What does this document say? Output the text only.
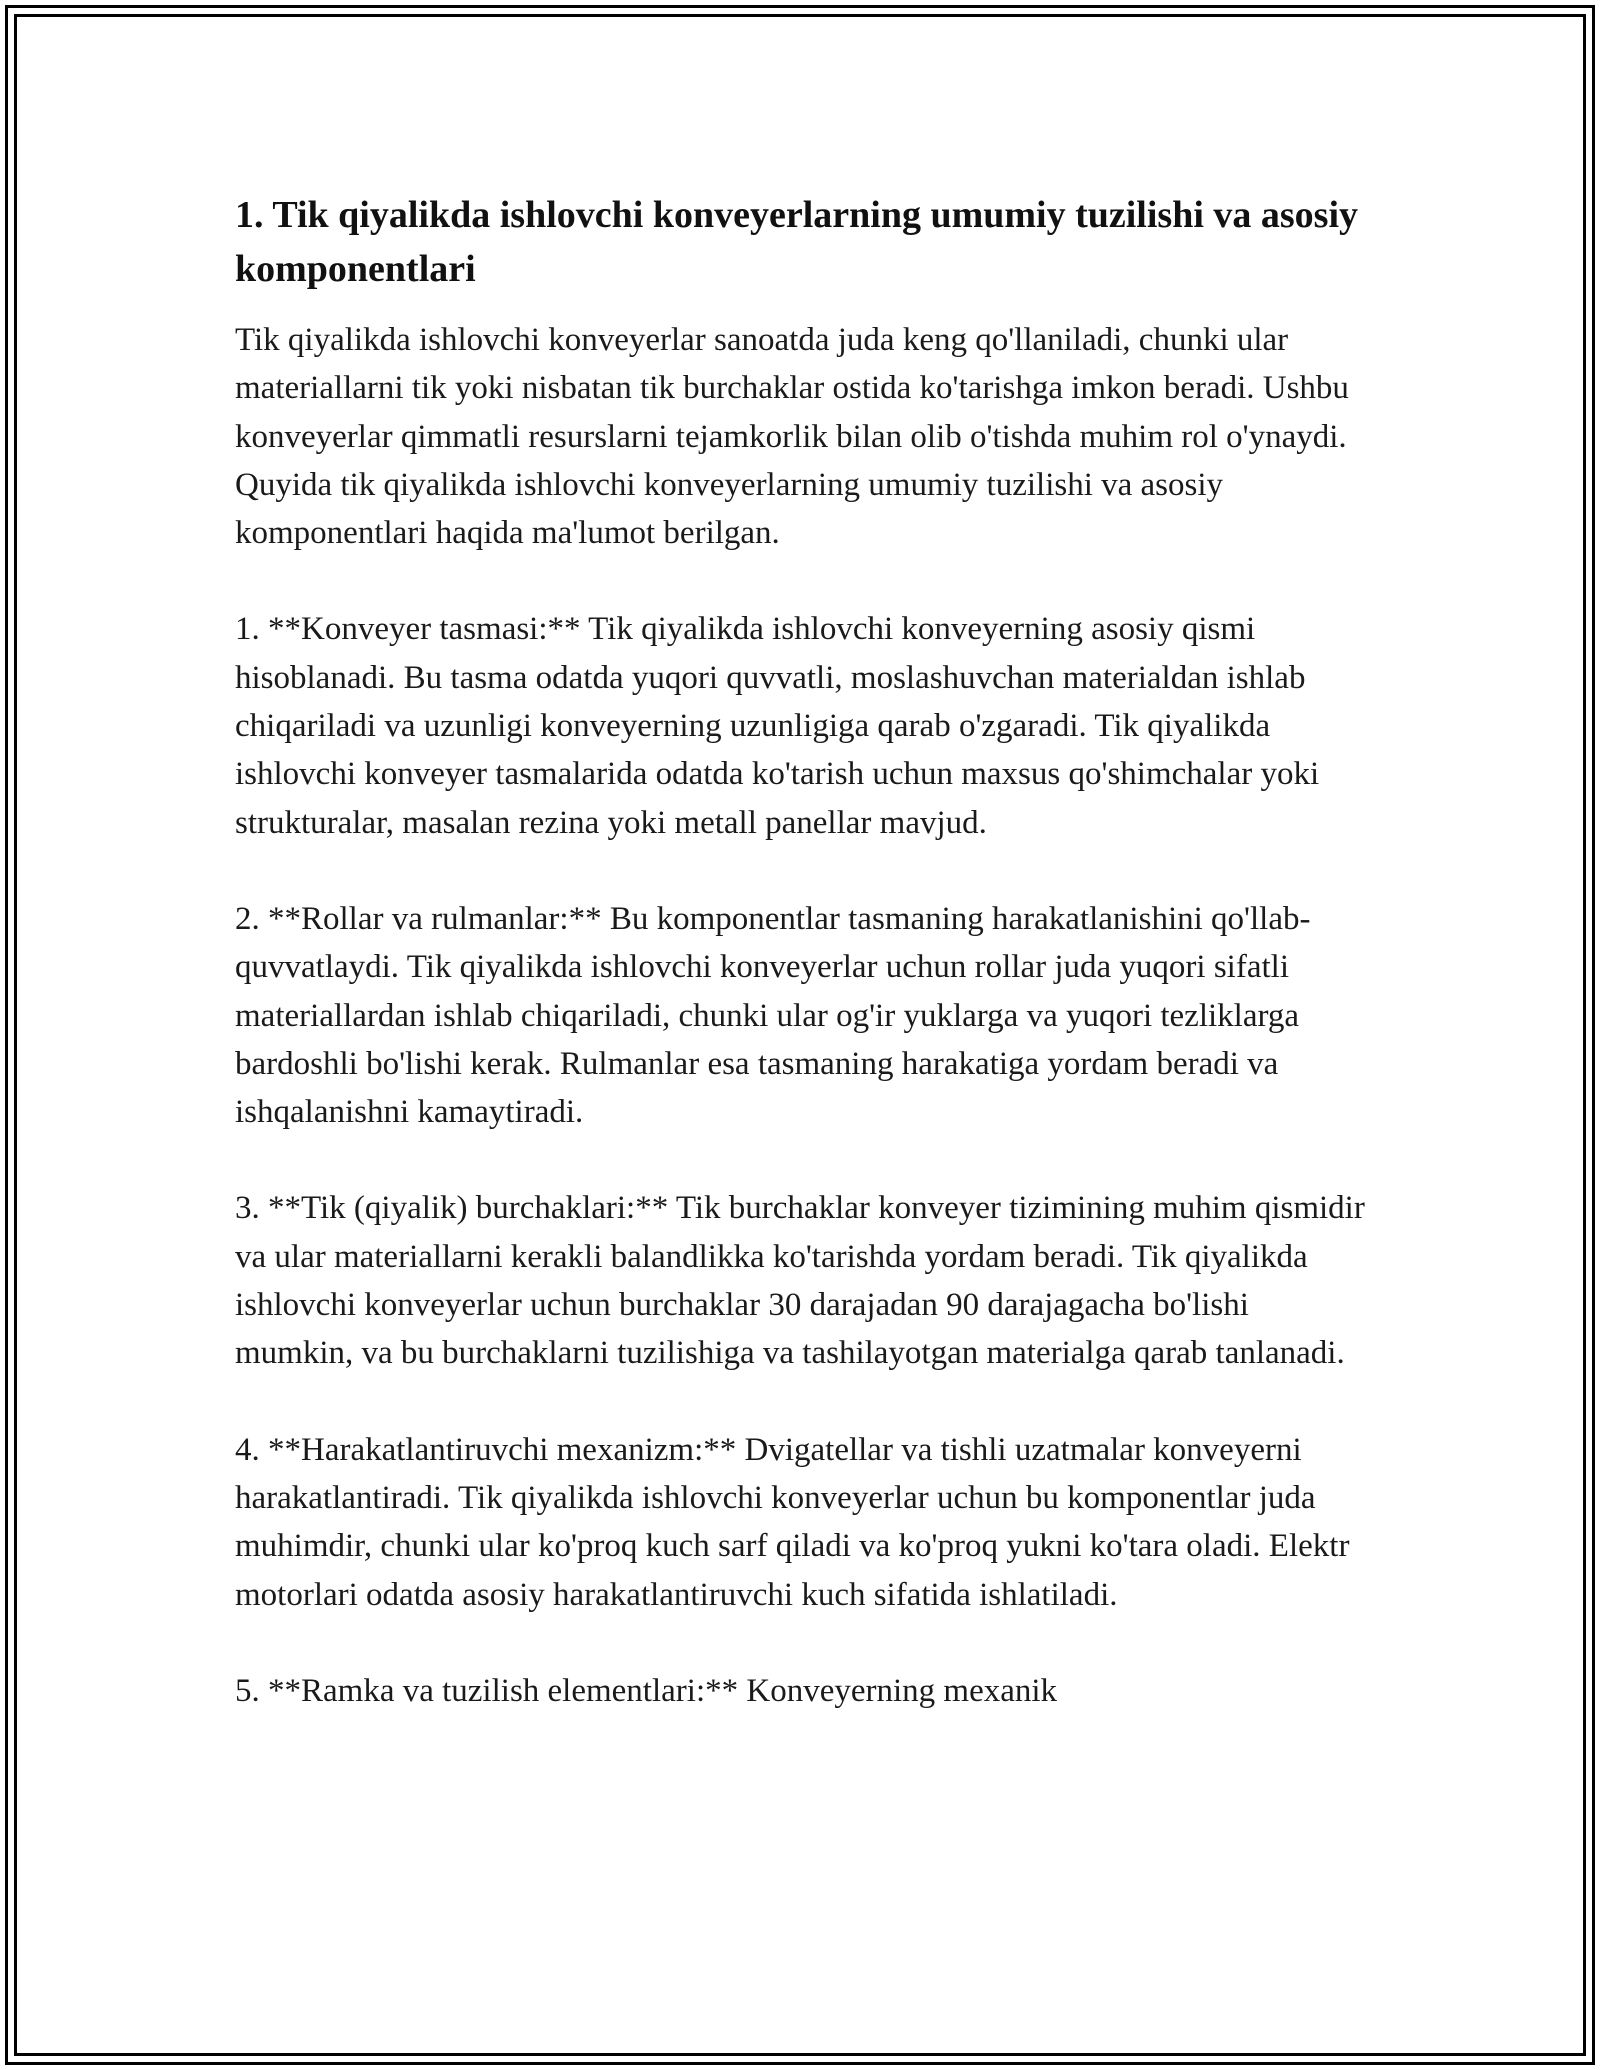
1. Tik qiyalikda ishlovchi konveyerlarning umumiy tuzilishi va asosiy komponentlari

Tik qiyalikda ishlovchi konveyerlar sanoatda juda keng qo'llaniladi, chunki ular materiallarni tik yoki nisbatan tik burchaklar ostida ko'tarishga imkon beradi. Ushbu konveyerlar qimmatli resurslarni tejamkorlik bilan olib o'tishda muhim rol o'ynaydi. Quyida tik qiyalikda ishlovchi konveyerlarning umumiy tuzilishi va asosiy komponentlari haqida ma'lumot berilgan.

1. **Konveyer tasmasi:** Tik qiyalikda ishlovchi konveyerning asosiy qismi hisoblanadi. Bu tasma odatda yuqori quvvatli, moslashuvchan materialdan ishlab chiqariladi va uzunligi konveyerning uzunligiga qarab o'zgaradi. Tik qiyalikda ishlovchi konveyer tasmalarida odatda ko'tarish uchun maxsus qo'shimchalar yoki strukturalar, masalan rezina yoki metall panellar mavjud.

2. **Rollar va rulmanlar:** Bu komponentlar tasmaning harakatlanishini qo'llab-quvvatlaydi. Tik qiyalikda ishlovchi konveyerlar uchun rollar juda yuqori sifatli materiallardan ishlab chiqariladi, chunki ular og'ir yuklarga va yuqori tezliklarga bardoshli bo'lishi kerak. Rulmanlar esa tasmaning harakatiga yordam beradi va ishqalanishni kamaytiradi.

3. **Tik (qiyalik) burchaklari:** Tik burchaklar konveyer tizimining muhim qismidir va ular materiallarni kerakli balandlikka ko'tarishda yordam beradi. Tik qiyalikda ishlovchi konveyerlar uchun burchaklar 30 darajadan 90 darajagacha bo'lishi mumkin, va bu burchaklarni tuzilishiga va tashilayotgan materialga qarab tanlanadi.

4. **Harakatlantiruvchi mexanizm:** Dvigatellar va tishli uzatmalar konveyerni harakatlantiradi. Tik qiyalikda ishlovchi konveyerlar uchun bu komponentlar juda muhimdir, chunki ular ko'proq kuch sarf qiladi va ko'proq yukni ko'tara oladi. Elektr motorlari odatda asosiy harakatlantiruvchi kuch sifatida ishlatiladi.

5. **Ramka va tuzilish elementlari:** Konveyerning mexanik
